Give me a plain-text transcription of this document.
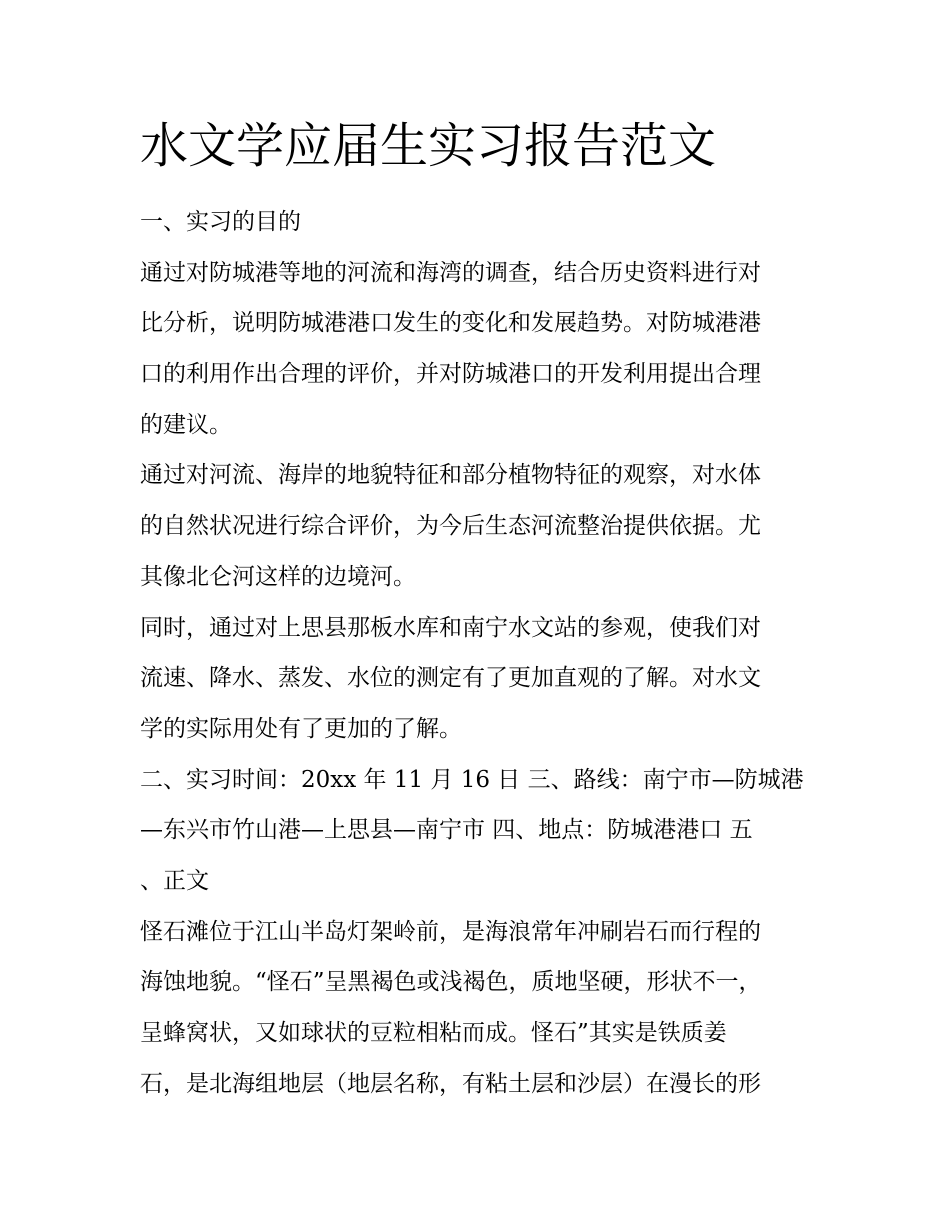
水文学应届生实习报告范文
一、实习的目的
通过对防城港等地的河流和海湾的调查，结合历史资料进行对
比分析，说明防城港港口发生的变化和发展趋势。对防城港港
口的利用作出合理的评价，并对防城港口的开发利用提出合理
的建议。
通过对河流、海岸的地貌特征和部分植物特征的观察，对水体
的自然状况进行综合评价，为今后生态河流整治提供依据。尤
其像北仑河这样的边境河。
同时，通过对上思县那板水库和南宁水文站的参观，使我们对
流速、降水、蒸发、水位的测定有了更加直观的了解。对水文
学的实际用处有了更加的了解。
二、实习时间：20xx 年 11 月 16 日 三、路线：南宁市—防城港
—东兴市竹山港—上思县—南宁市 四、地点：防城港港口 五
、正文
怪石滩位于江山半岛灯架岭前，是海浪常年冲刷岩石而行程的
海蚀地貌。“怪石”呈黑褐色或浅褐色，质地坚硬，形状不一，
呈蜂窝状，又如球状的豆粒相粘而成。怪石”其实是铁质姜
石，是北海组地层（地层名称，有粘土层和沙层）在漫长的形
